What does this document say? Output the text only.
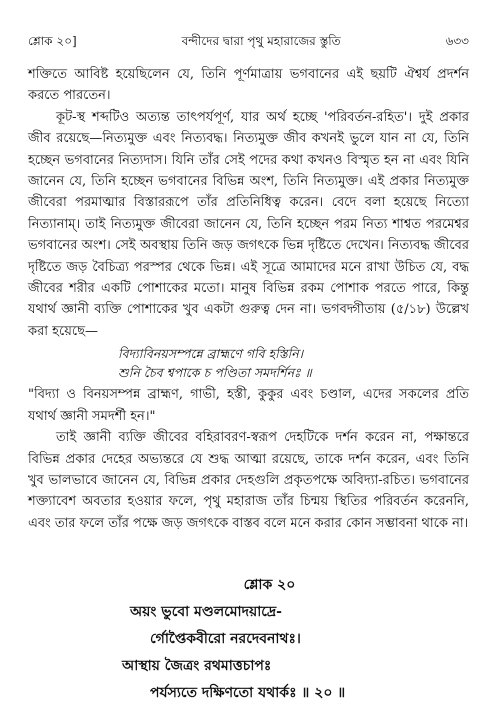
শ্লোক ২০]	বন্দীদের দ্বারা পৃথু মহারাজের স্তুতি	৬৩৩

শক্তিতে আবিষ্ট হয়েছিলেন যে, তিনি পূর্ণমাত্রায় ভগবানের এই ছয়টি ঐশ্বর্য প্রদর্শন করতে পারতেন।

কূট-স্থ শব্দটিও অত্যন্ত তাৎপর্যপূর্ণ, যার অর্থ হচ্ছে 'পরিবর্তন-রহিত'। দুই প্রকার জীব রয়েছে—নিত্যমুক্ত এবং নিত্যবদ্ধ। নিত্যমুক্ত জীব কখনই ভুলে যান না যে, তিনি হচ্ছেন ভগবানের নিত্যদাস। যিনি তাঁর সেই পদের কথা কখনও বিস্মৃত হন না এবং যিনি জানেন যে, তিনি হচ্ছেন ভগবানের বিভিন্ন অংশ, তিনি নিত্যমুক্ত। এই প্রকার নিত্যমুক্ত জীবেরা পরমাত্মার বিস্তাররূপে তাঁর প্রতিনিধিত্ব করেন। বেদে বলা হয়েছে নিত্যো নিত্যানাম্। তাই নিত্যমুক্ত জীবেরা জানেন যে, তিনি হচ্ছেন পরম নিত্য শাশ্বত পরমেশ্বর ভগবানের অংশ। সেই অবস্থায় তিনি জড় জগৎকে ভিন্ন দৃষ্টিতে দেখেন। নিত্যবদ্ধ জীবের দৃষ্টিতে জড় বৈচিত্র্য পরস্পর থেকে ভিন্ন। এই সূত্রে আমাদের মনে রাখা উচিত যে, বদ্ধ জীবের শরীর একটি পোশাকের মতো। মানুষ বিভিন্ন রকম পোশাক পরতে পারে, কিন্তু যথার্থ জ্ঞানী ব্যক্তি পোশাকের খুব একটা গুরুত্ব দেন না। ভগবদ্গীতায় (৫/১৮) উল্লেখ করা হয়েছে—

বিদ্যাবিনয়সম্পন্নে ব্রাহ্মণে গবি হস্তিনি।
শুনি চৈব শ্বপাকে চ পণ্ডিতা সমদর্শিনঃ ॥

"বিদ্যা ও বিনয়সম্পন্ন ব্রাহ্মণ, গাভী, হস্তী, কুকুর এবং চণ্ডাল, এদের সকলের প্রতি যথার্থ জ্ঞানী সমদর্শী হন।"

তাই জ্ঞানী ব্যক্তি জীবের বহিরাবরণ-স্বরূপ দেহটিকে দর্শন করেন না, পক্ষান্তরে বিভিন্ন প্রকার দেহের অভ্যন্তরে যে শুদ্ধ আত্মা রয়েছে, তাকে দর্শন করেন, এবং তিনি খুব ভালভাবে জানেন যে, বিভিন্ন প্রকার দেহগুলি প্রকৃতপক্ষে অবিদ্যা-রচিত। ভগবানের শক্ত্যাবেশ অবতার হওয়ার ফলে, পৃথু মহারাজ তাঁর চিন্ময় স্থিতির পরিবর্তন করেননি, এবং তার ফলে তাঁর পক্ষে জড় জগৎকে বাস্তব বলে মনে করার কোন সম্ভাবনা থাকে না।

শ্লোক ২০
অয়ং ভুবো মণ্ডলমোদয়াদ্রে-
র্গোপ্তৈকবীরো নরদেবনাথঃ।
আস্থায় জৈত্রং রথমাত্তচাপঃ
পর্যস্যতে দক্ষিণতো যথার্কঃ ॥ ২০ ॥
